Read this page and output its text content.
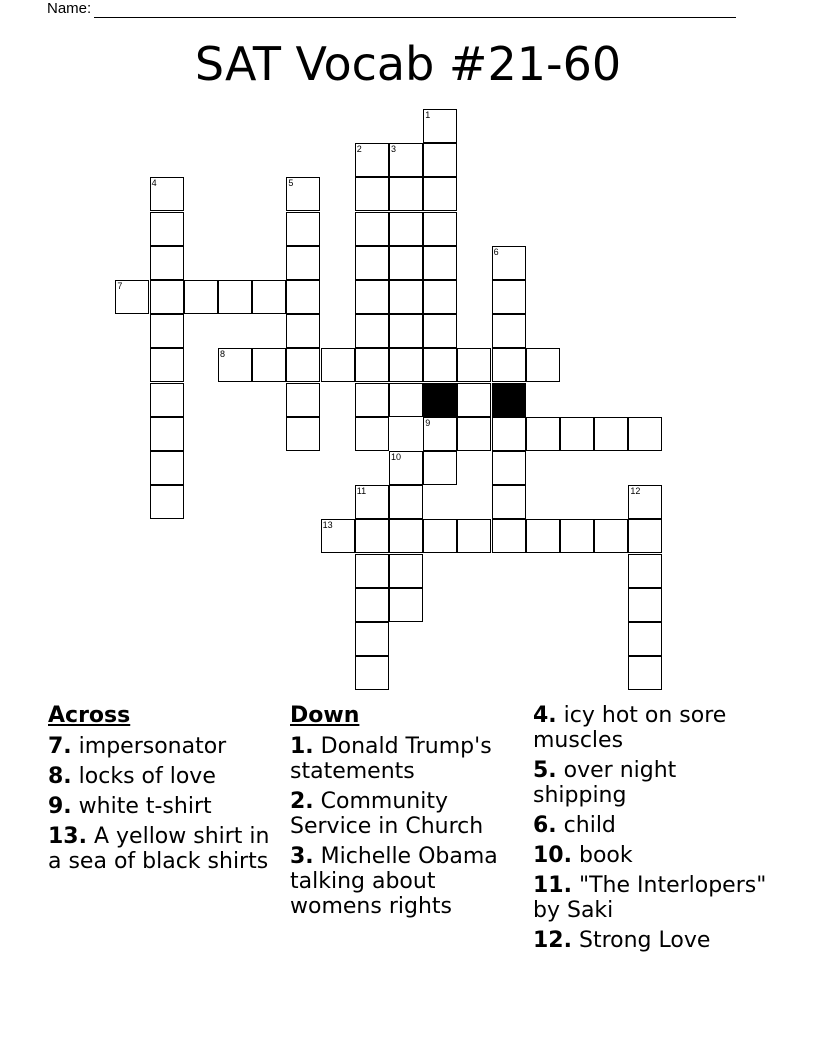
Name:
SAT Vocab #21-60
9
1
2	3
4	5
6
7
8
10
11	12
13
Across
7. impersonator
8. locks of love
9. white t-shirt
13. A yellow shirt in a sea of black shirts
Down
1. Donald Trump's statements
2. Community Service in Church
3. Michelle Obama talking about womens rights
4. icy hot on sore muscles
5. over night shipping
6. child
10. book
11. "The Interlopers" by Saki
12. Strong Love
